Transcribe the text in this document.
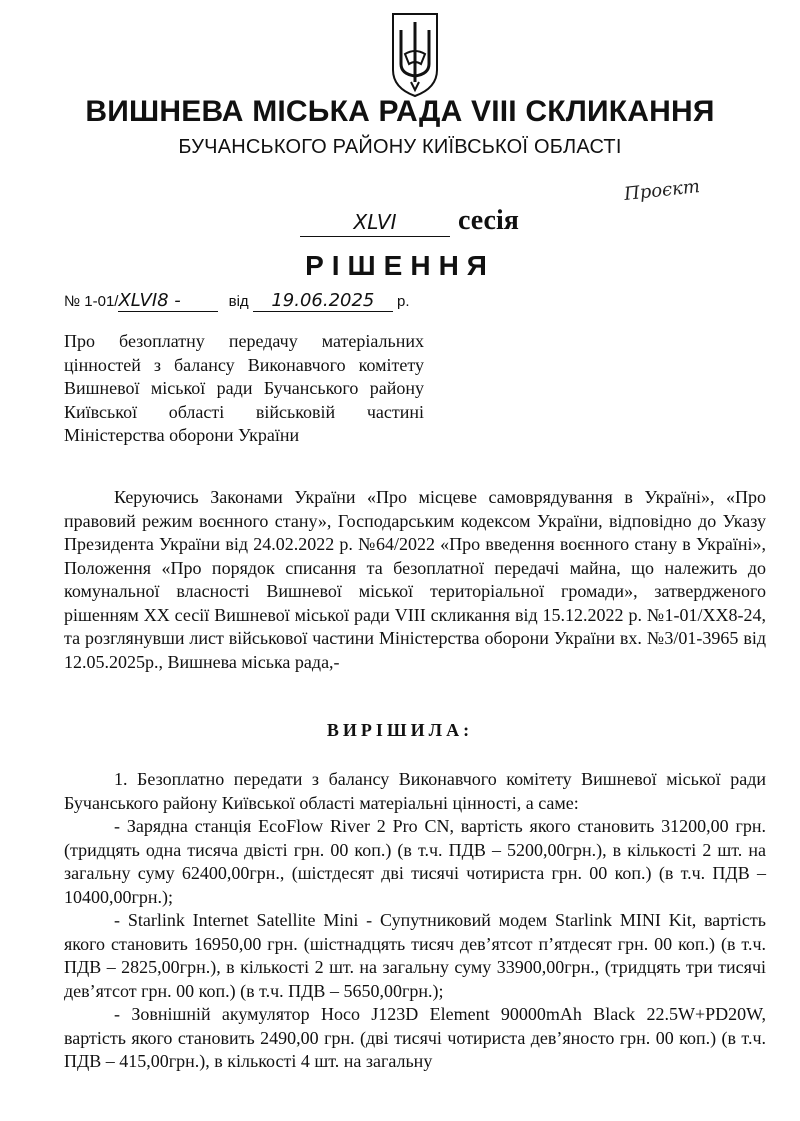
ВИШНЕВА МІСЬКА РАДА VIII СКЛИКАННЯ
БУЧАНСЬКОГО РАЙОНУ КИЇВСЬКОЇ ОБЛАСТІ
Проєкт
XLVI сесія
РІШЕННЯ
№ 1-01/XLVI8 -	від 19.06.2025 р.
Про безоплатну передачу матеріальних цінностей з балансу Виконавчого комітету Вишневої міської ради Бучанського району Київської області військовій частині Міністерства оборони України

Керуючись Законами України «Про місцеве самоврядування в Україні», «Про правовий режим воєнного стану», Господарським кодексом України, відповідно до Указу Президента України від 24.02.2022 р. №64/2022 «Про введення воєнного стану в Україні», Положення «Про порядок списання та безоплатної передачі майна, що належить до комунальної власності Вишневої міської територіальної громади», затвердженого рішенням XX сесії Вишневої міської ради VIII скликання від 15.12.2022 р. №1-01/XX8-24, та розглянувши лист військової частини Міністерства оборони України вх. №3/01-3965 від 12.05.2025р., Вишнева міська рада,-

ВИРІШИЛА:

1. Безоплатно передати з балансу Виконавчого комітету Вишневої міської ради Бучанського району Київської області матеріальні цінності, а саме:

- Зарядна станція EcoFlow River 2 Pro CN, вартість якого становить 31200,00 грн. (тридцять одна тисяча двісті грн. 00 коп.) (в т.ч. ПДВ – 5200,00грн.), в кількості 2 шт. на загальну суму 62400,00грн., (шістдесят дві тисячі чотириста грн. 00 коп.) (в т.ч. ПДВ – 10400,00грн.);

- Starlink Internet Satellite Mini - Супутниковий модем Starlink MINI Kit, вартість якого становить 16950,00 грн. (шістнадцять тисяч дев’ятсот п’ятдесят грн. 00 коп.) (в т.ч. ПДВ – 2825,00грн.), в кількості 2 шт. на загальну суму 33900,00грн., (тридцять три тисячі дев’ятсот грн. 00 коп.) (в т.ч. ПДВ – 5650,00грн.);

- Зовнішній акумулятор Hoco J123D Element 90000mAh Black 22.5W+PD20W, вартість якого становить 2490,00 грн. (дві тисячі чотириста дев’яносто грн. 00 коп.) (в т.ч. ПДВ – 415,00грн.), в кількості 4 шт. на загальну
